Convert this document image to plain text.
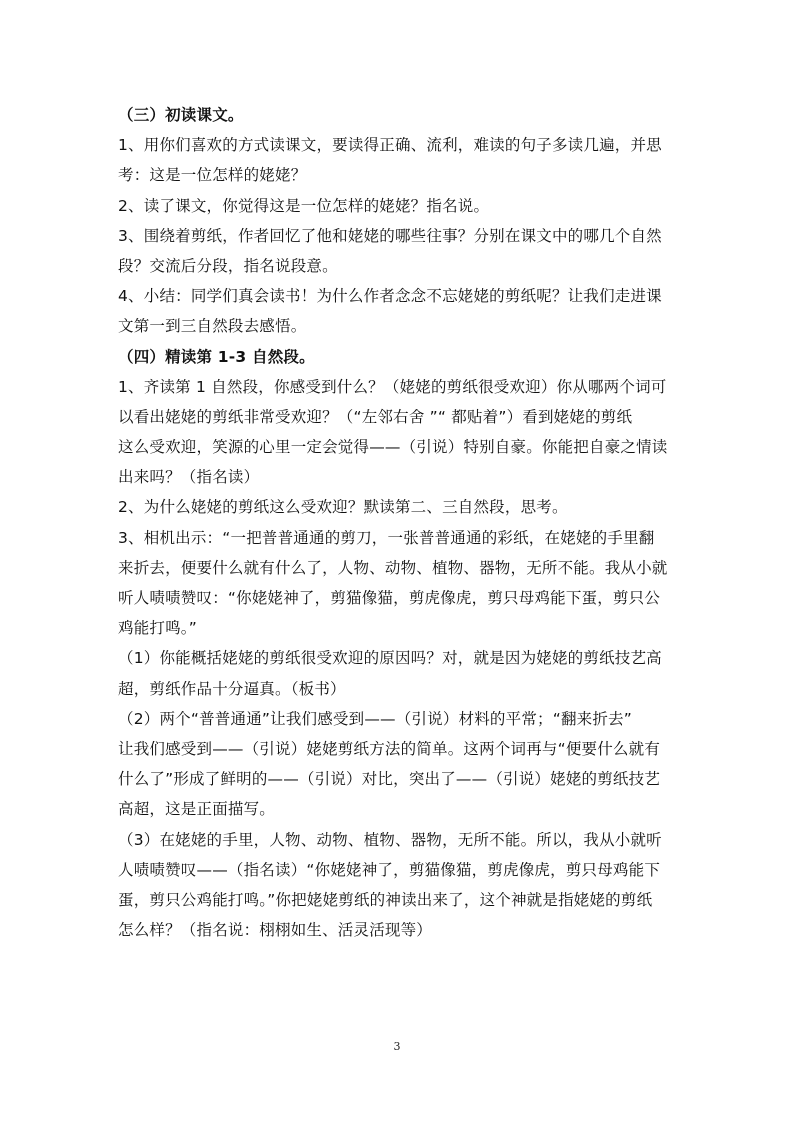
（三）初读课文。

1、用你们喜欢的方式读课文，要读得正确、流利，难读的句子多读几遍，并思

考：这是一位怎样的姥姥？

2、读了课文，你觉得这是一位怎样的姥姥？指名说。

3、围绕着剪纸，作者回忆了他和姥姥的哪些往事？分别在课文中的哪几个自然

段？交流后分段，指名说段意。

4、小结：同学们真会读书！为什么作者念念不忘姥姥的剪纸呢？让我们走进课

文第一到三自然段去感悟。

（四）精读第 1-3 自然段。

1、齐读第 1 自然段，你感受到什么？（姥姥的剪纸很受欢迎）你从哪两个词可

以看出姥姥的剪纸非常受欢迎？（“左邻右舍 ”“ 都贴着”）看到姥姥的剪纸

这么受欢迎，笑源的心里一定会觉得——（引说）特别自豪。你能把自豪之情读

出来吗？（指名读）

2、为什么姥姥的剪纸这么受欢迎？默读第二、三自然段，思考。

3、相机出示：“一把普普通通的剪刀，一张普普通通的彩纸，在姥姥的手里翻

来折去，便要什么就有什么了，人物、动物、植物、器物，无所不能。我从小就

听人啧啧赞叹：“你姥姥神了，剪猫像猫，剪虎像虎，剪只母鸡能下蛋，剪只公

鸡能打鸣。”

（1）你能概括姥姥的剪纸很受欢迎的原因吗？对，就是因为姥姥的剪纸技艺高

超，剪纸作品十分逼真。（板书）

（2）两个“普普通通”让我们感受到——（引说）材料的平常；“翻来折去”

让我们感受到——（引说）姥姥剪纸方法的简单。这两个词再与“便要什么就有

什么了”形成了鲜明的——（引说）对比，突出了——（引说）姥姥的剪纸技艺

高超，这是正面描写。

（3）在姥姥的手里，人物、动物、植物、器物，无所不能。所以，我从小就听

人啧啧赞叹——（指名读）“你姥姥神了，剪猫像猫，剪虎像虎，剪只母鸡能下

蛋，剪只公鸡能打鸣。”你把姥姥剪纸的神读出来了，这个神就是指姥姥的剪纸

怎么样？（指名说：栩栩如生、活灵活现等）

3
